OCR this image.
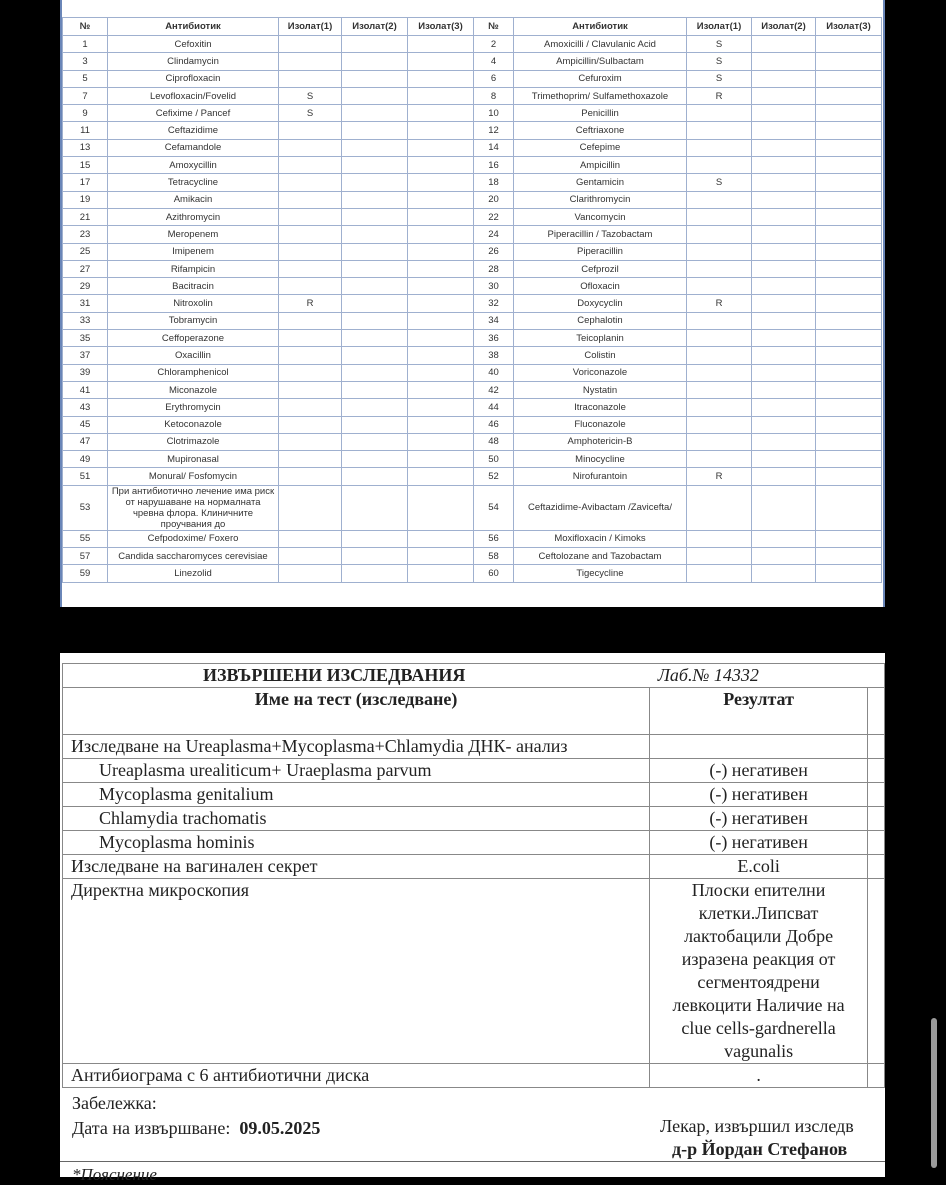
№	Антибиотик	Изолат(1)	Изолат(2)	Изолат(3)	№	Антибиотик	Изолат(1)	Изолат(2)	Изолат(3)
1	Cefoxitin				2	Amoxicilli / Clavulanic Acid	S		
3	Clindamycin				4	Ampicillin/Sulbactam	S		
5	Ciprofloxacin				6	Cefuroxim	S		
7	Levofloxacin/Fovelid	S			8	Trimethoprim/ Sulfamethoxazole	R		
9	Cefixime / Pancef	S			10	Penicillin			
11	Ceftazidime				12	Ceftriaxone			
13	Cefamandole				14	Cefepime			
15	Amoxycillin				16	Ampicillin			
17	Tetracycline				18	Gentamicin	S		
19	Amikacin				20	Clarithromycin			
21	Azithromycin				22	Vancomycin			
23	Meropenem				24	Piperacillin / Tazobactam			
25	Imipenem				26	Piperacillin			
27	Rifampicin				28	Cefprozil			
29	Bacitracin				30	Ofloxacin			
31	Nitroxolin	R			32	Doxycyclin	R		
33	Tobramycin				34	Cephalotin			
35	Ceffoperazone				36	Teicoplanin			
37	Oxacillin				38	Colistin			
39	Chloramphenicol				40	Voriconazole			
41	Miconazole				42	Nystatin			
43	Erythromycin				44	Itraconazole			
45	Ketoconazole				46	Fluconazole			
47	Clotrimazole				48	Amphotericin-B			
49	Mupironasal				50	Minocycline			
51	Monural/ Fosfomycin				52	Nirofurantoin	R		
53	При антибиотично лечение има риск от нарушаване на нормалната чревна флора. Клиничните проучвания до				54	Ceftazidime-Avibactam /Zavicefta/			
55	Cefpodoxime/ Foxero				56	Moxifloxacin / Kimoks			
57	Candida saccharomyces cerevisiae				58	Ceftolozane and Tazobactam			
59	Linezolid				60	Tigecycline			
ИЗВЪРШЕНИ ИЗСЛЕДВАНИЯ	Лаб.№ 14332	
Име на тест (изследване)	Резултат	
Изследване на Ureaplasma+Mycoplasma+Chlamydia ДНК- анализ		
Ureaplasma urealiticum+ Uraeplasma parvum	(-) негативен	
Mycoplasma genitalium	(-) негативен	
Chlamydia trachomatis	(-) негативен	
Mycoplasma hominis	(-) негативен	
Изследване на вагинален секрет	E.coli	
Директна микроскопия	Плоски епителни клетки.Липсват лактобацили Добре изразена реакция от сегментоядрени левкоцити Наличие на clue cells-gardnerella vagunalis	
Антибиограма с 6 антибиотични диска	.	
Забележка:
Дата на извършване: 09.05.2025	Лекар, извършил изследв
д-р Йордан Стефанов
*Пояснение
